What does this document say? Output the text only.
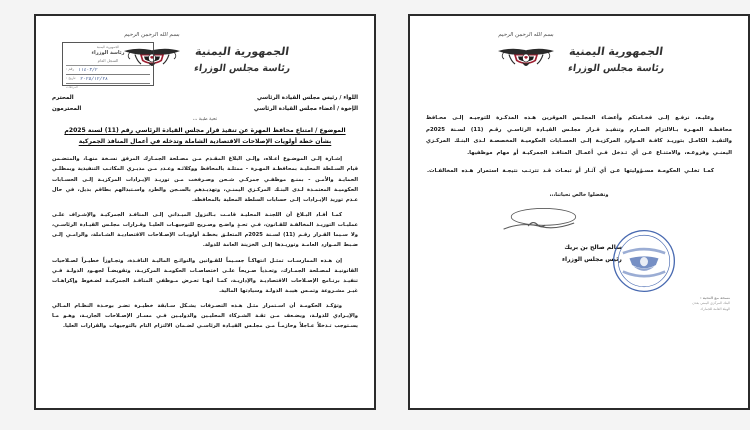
بسم الله الرحمن الرحيم
الجمهورية اليمنية
رئاسة مجلس الوزراء

وعليـه، نرفـع إلـى فخـامتكم وأعضـاء المجلـس الموقرين هـذه المذكـرة للتوجيـه إلـى محـافظ محافظـة المهـرة بـالالتزام الصـارم وتنفيـذ قـرار مجلـس القيـادة الرئاسـي رقـم (11) لسـنة 2025م والتقيـد الكامـل بتوريـد كافـة المـوارد المركزيـة إلـى الحسـابات الحكوميـة المخصصـة لـدى البنـك المركـزي اليمنـي وفروعـه، والامتنـاع عـن أي تـدخل فـي أعمـال المنافـذ الجمركيـة أو مهام موظفيها.

كمـا تخلـي الحكومـة مسـؤوليتها عـن أي آثـار أو تبعـات قـد تترتـب نتيجـة استمرار هـذه المخالفـات.

وتفضلوا خالص تحياتنا،،،
سالم صالح بن بريك
رئيس مجلس الوزراء
نسخة مع التحية :
البنك المركزي اليمني بعدن
الهيئة العامة للجمارك
الجمهورية اليمنية
رئاسة الوزراء
السجل العام
رقم : ١١٤٠٣/٢
تاريخ : ٢٠٢٥/١٢/٢٨
المرفقات
بسم الله الرحمن الرحيم
الجمهورية اليمنية
رئاسة مجلس الوزراء
اللواء / رئيس مجلس القيادة الرئاسي
المحترم
الإخوة / أعضاء مجلس القيادة الرئاسي
المحترمون
تحية طيبة ،،،
الموضوع / امتناع محافظ المهرة عن تنفيذ قرار مجلس القيادة الرئاسي رقم (11) لسنة 2025م بشأن خطة أولويات الإصلاحات الاقتصادية الشاملة وتدخله في أعمال المنافذ الجمركية

إشـارة إلـى الموضـوع أعـلاه، وإلـى البلاغ المقـدم مـن مصـلحة الجمـارك المرفق نسـخة منهـا، والمتضـمن قيام السـلطة المحليـة بمحافظـة المهـرة - ممثلـة بالمحافظ ووكلائـه وعـدد مـن مديـري المكاتـب التنفيذية وبمظلـي الحمايـة والأمـن - بمنـع موظفـي جمركـي شـحن وصـرفخت مـن توريـد الإيـرادات المركزيـة إلـى الحسـابات الحكوميـة المعتمـدة لـدى البنـك المركـزي اليمنـي، وتهديـدهم بالسـجن والطرد واسـتبدالهم بطاقم بديل، في حال عـدم توريد الإيـرادات إلـى حسابات السلطة المحلية بالمحافظة.

كمـا أفـاد البـلاغ أن اللجنـة المحليـة قامـت بـالنزول الميـداني إلـى المنافـذ الجمركيـة والإشـراف علـى عمليـات التوريـد المخالفـة للقـانون، فـي تحـدٍ واضـح وصـريح للتوجيهـات العليـا وقـرارات مجلـس القيـادة الرئاسـي، ولا سـيما القـرار رقـم (11) لسـنة 2025م المتعلـق بخطـة أولويـات الإصـلاحات الاقتصاديـة الشـاملة، والرامـي إلـى ضـبط المـوارد العامـة وتوريـدها إلـى الخزينة العامة للدولة.

إن هـذه الممارسـات تمثـل انتهاكـاً جسـيماً للقـوانين والنوائـح الماليـة النافـذة، وتجـاوزاً خطيـراً لصـلاحيات القانونيـة لمصـلحة الجمـارك، وتعـدياً صـريحاً علـى اختصاصـات الحكومـة المركزيـة، وتقويضـاً لجهـود الدولـة فـي تنفيـذ برنـامج الإصـلاحات الاقتصاديـة والإداريـة، كمـا أنهـا تعـرض مـوظفي المنافـذ الجمركيـة لضـغوط وإكراهـات غيـر مشـروعة وتمـس هيبـة الدولـة وسيادتها المالية.

وتؤكـد الحكومـة أن اسـتمرار مثـل هـذه التصـرفات يشـكل سـابقة خطيـرة تضـر بوحـدة النظـام المـالي والإيـرادي للدولـة، ويضـعف مـن ثقـة الشـركاء المحليـين والدوليـين فـي مسـار الإصـلاحات الجاريـة، وهـو مـا يسـتوجب تـدخلاً عـاجلاً وحازمـاً مـن مجلـس القيـادة الرئاسـي لضـمان الالتزام التام بالتوجيهات والقرارات العليا.
